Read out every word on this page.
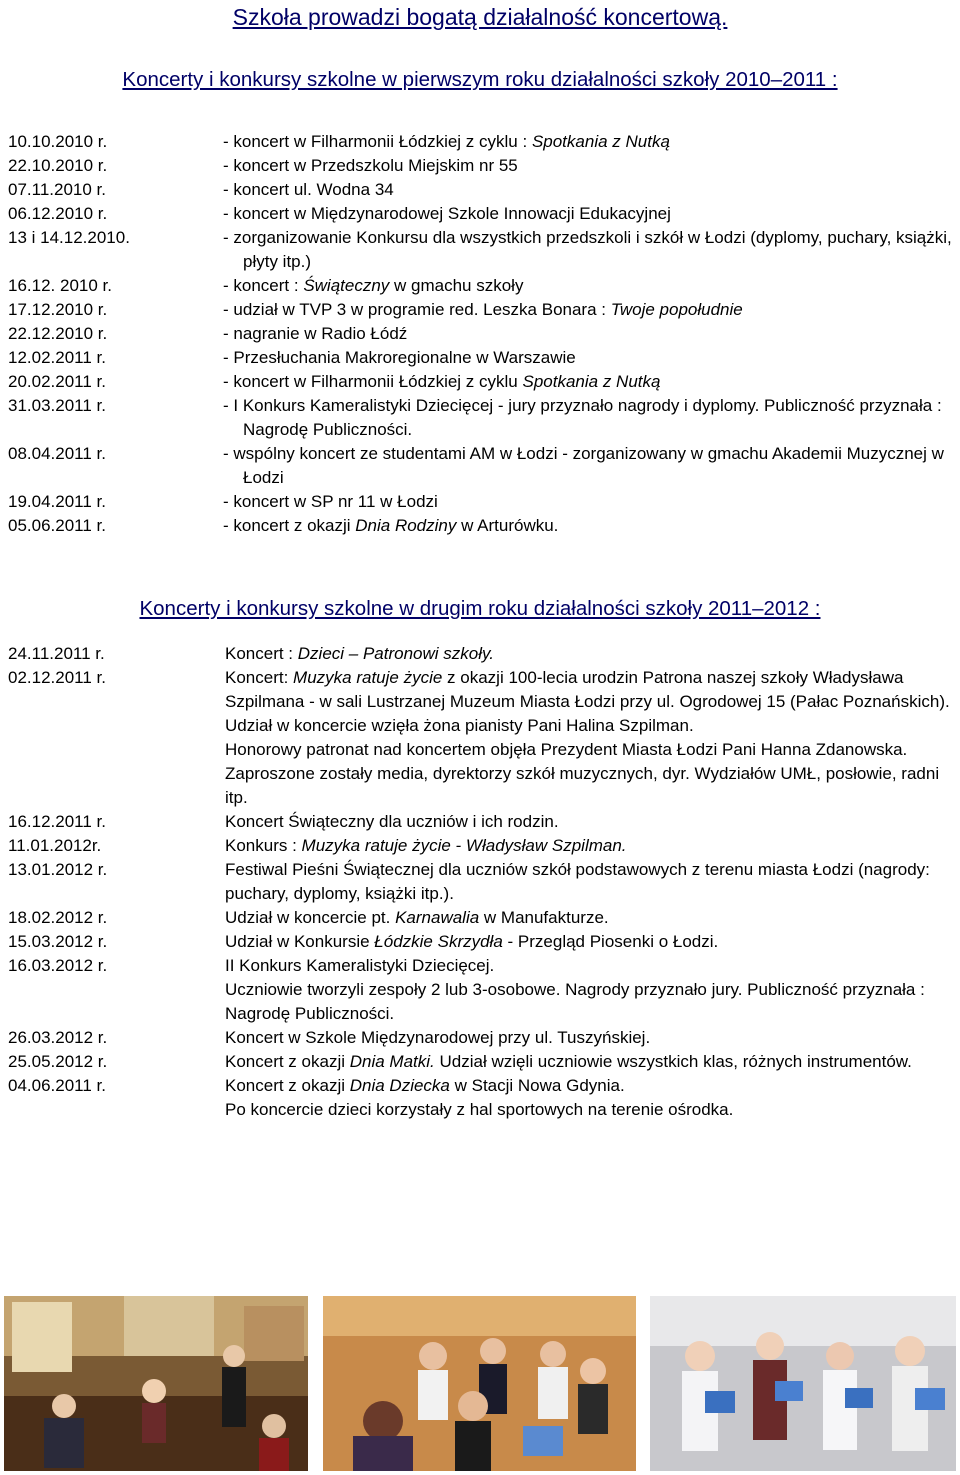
Szkoła prowadzi bogatą działalność koncertową.
Koncerty i konkursy szkolne w pierwszym roku działalności szkoły 2010–2011 :
10.10.2010 r.	- koncert w Filharmonii Łódzkiej z cyklu : Spotkania z Nutką
22.10.2010 r.	- koncert w Przedszkolu Miejskim nr 55
07.11.2010 r.	- koncert ul. Wodna 34
06.12.2010 r.	- koncert w Międzynarodowej Szkole Innowacji Edukacyjnej
13 i 14.12.2010.	- zorganizowanie Konkursu dla wszystkich przedszkoli i szkół w Łodzi (dyplomy, puchary, książki, płyty itp.)
16.12. 2010 r.	- koncert : Świąteczny w gmachu szkoły
17.12.2010 r.	- udział w TVP 3 w programie red. Leszka Bonara : Twoje popołudnie
22.12.2010 r.	- nagranie w Radio Łódź
12.02.2011 r.	- Przesłuchania Makroregionalne w Warszawie
20.02.2011 r.	- koncert w Filharmonii Łódzkiej z cyklu Spotkania z Nutką
31.03.2011 r.	- I Konkurs Kameralistyki Dziecięcej - jury przyznało nagrody i dyplomy. Publiczność przyznała : Nagrodę Publiczności.
08.04.2011 r.	- wspólny koncert ze studentami AM w Łodzi - zorganizowany w gmachu Akademii Muzycznej w Łodzi
19.04.2011 r.	- koncert w SP nr 11 w Łodzi
05.06.2011 r.	- koncert z okazji Dnia Rodziny w Arturówku.
Koncerty i konkursy szkolne w drugim roku działalności szkoły 2011–2012 :
24.11.2011 r.	Koncert : Dzieci – Patronowi szkoły.

02.12.2011 r.	Koncert: Muzyka ratuje życie z okazji 100-lecia urodzin Patrona naszej szkoły Władysława Szpilmana - w sali Lustrzanej Muzeum Miasta Łodzi przy ul. Ogrodowej 15 (Pałac Poznańskich).

Udział w koncercie wzięła żona pianisty Pani Halina Szpilman.

Honorowy patronat nad koncertem objęła Prezydent Miasta Łodzi Pani Hanna Zdanowska. Zaproszone zostały media, dyrektorzy szkół muzycznych, dyr. Wydziałów UMŁ, posłowie, radni itp.

16.12.2011 r.	Koncert Świąteczny dla uczniów i ich rodzin.

11.01.2012r.	Konkurs : Muzyka ratuje życie - Władysław Szpilman.

13.01.2012 r.	Festiwal Pieśni Świątecznej dla uczniów szkół podstawowych z terenu miasta Łodzi (nagrody: puchary, dyplomy, książki itp.).

18.02.2012 r.	Udział w koncercie pt. Karnawalia w Manufakturze.

15.03.2012 r.	Udział w Konkursie Łódzkie Skrzydła - Przegląd Piosenki o Łodzi.

16.03.2012 r.	II Konkurs Kameralistyki Dziecięcej.

Uczniowie tworzyli zespoły 2 lub 3-osobowe. Nagrody przyznało jury. Publiczność przyznała : Nagrodę Publiczności.

26.03.2012 r.	Koncert w Szkole Międzynarodowej przy ul. Tuszyńskiej.

25.05.2012 r.	Koncert z okazji Dnia Matki. Udział wzięli uczniowie wszystkich klas, różnych instrumentów.

04.06.2011 r.	Koncert z okazji Dnia Dziecka w Stacji Nowa Gdynia.

Po koncercie dzieci korzystały z hal sportowych na terenie ośrodka.
